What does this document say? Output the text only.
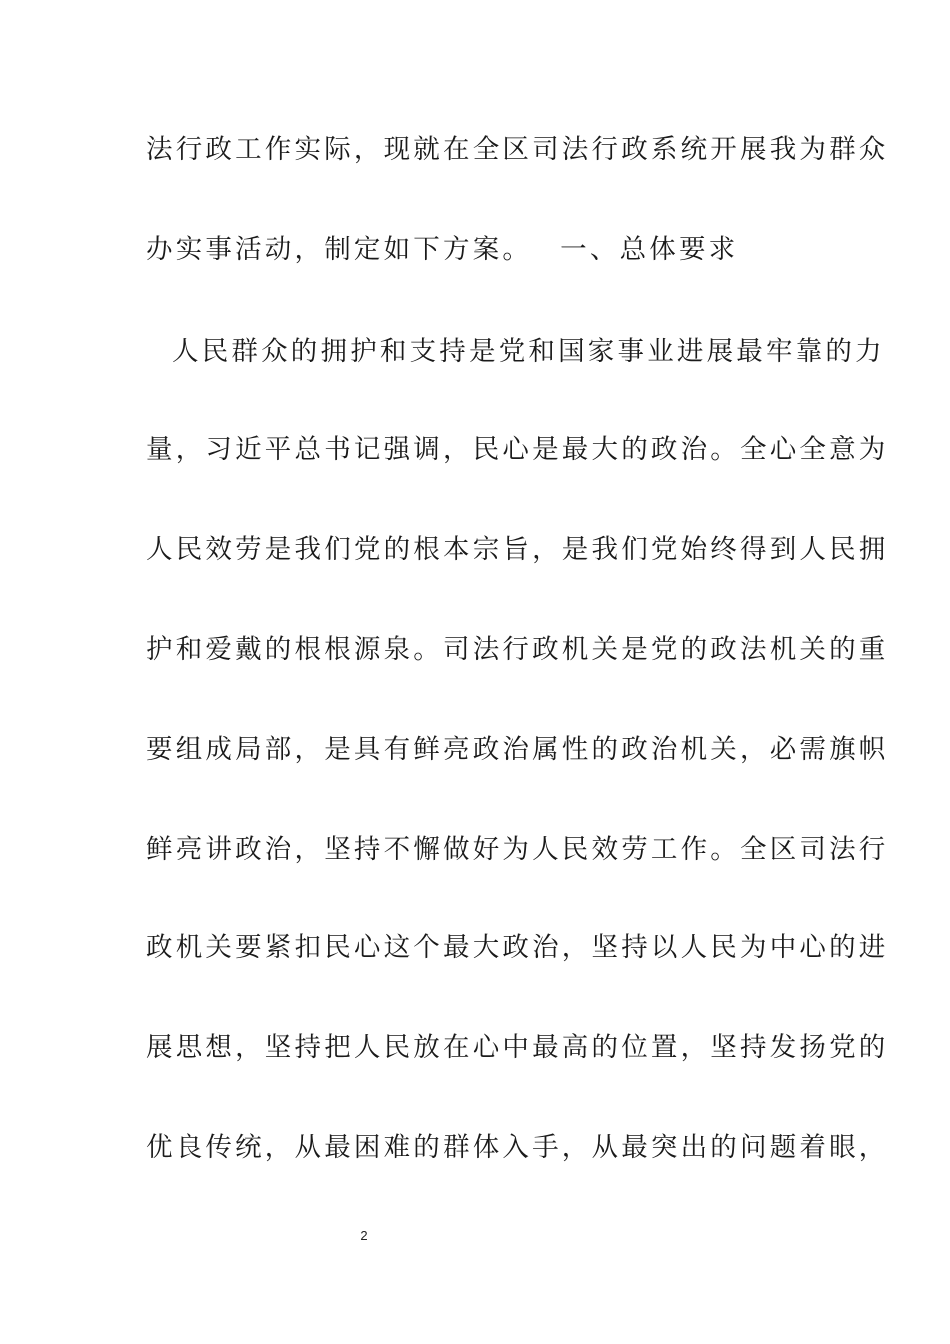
法行政工作实际，现就在全区司法行政系统开展我为群众
办实事活动，制定如下方案。　 一、总体要求
人民群众的拥护和支持是党和国家事业进展最牢靠的力
量，习近平总书记强调，民心是最大的政治。全心全意为
人民效劳是我们党的根本宗旨，是我们党始终得到人民拥
护和爱戴的根根源泉。司法行政机关是党的政法机关的重
要组成局部，是具有鲜亮政治属性的政治机关，必需旗帜
鲜亮讲政治，坚持不懈做好为人民效劳工作。全区司法行
政机关要紧扣民心这个最大政治，坚持以人民为中心的进
展思想，坚持把人民放在心中最高的位置，坚持发扬党的
优良传统，从最困难的群体入手，从最突出的问题着眼，
2
